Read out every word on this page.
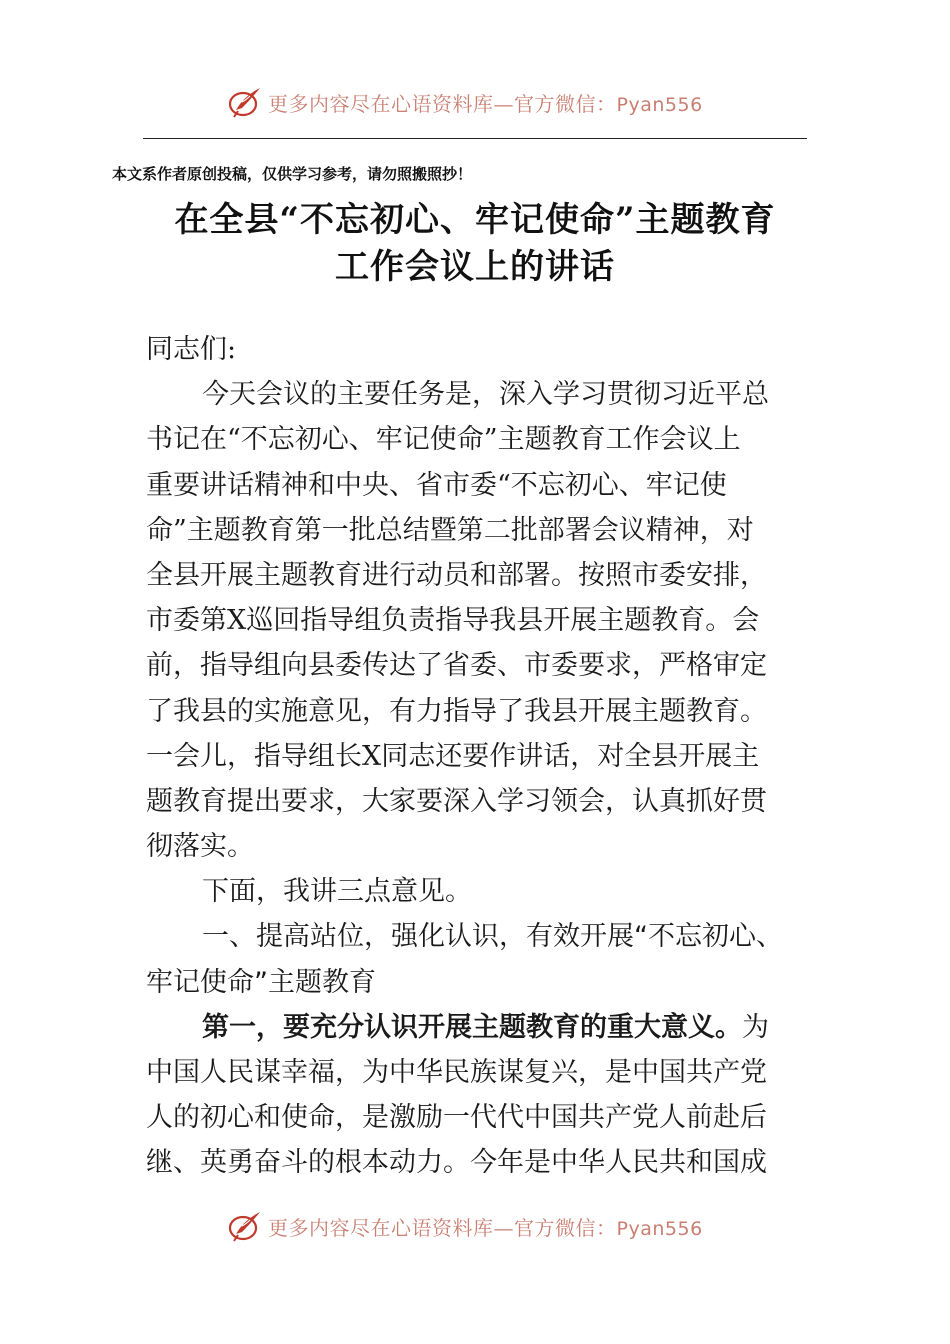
更多内容尽在心语资料库—官方微信：Pyan556
本文系作者原创投稿，仅供学习参考，请勿照搬照抄！
在全县“不忘初心、牢记使命”主题教育
工作会议上的讲话
同志们:
今天会议的主要任务是，深入学习贯彻习近平总
书记在“不忘初心、牢记使命”主题教育工作会议上
重要讲话精神和中央、省市委“不忘初心、牢记使
命”主题教育第一批总结暨第二批部署会议精神，对
全县开展主题教育进行动员和部署。按照市委安排，
市委第X巡回指导组负责指导我县开展主题教育。会
前，指导组向县委传达了省委、市委要求，严格审定
了我县的实施意见，有力指导了我县开展主题教育。
一会儿，指导组长X同志还要作讲话，对全县开展主
题教育提出要求，大家要深入学习领会，认真抓好贯
彻落实。
下面，我讲三点意见。
一、提高站位，强化认识，有效开展“不忘初心、
牢记使命”主题教育
第一，要充分认识开展主题教育的重大意义。为
中国人民谋幸福，为中华民族谋复兴，是中国共产党
人的初心和使命，是激励一代代中国共产党人前赴后
继、英勇奋斗的根本动力。今年是中华人民共和国成
更多内容尽在心语资料库—官方微信：Pyan556
